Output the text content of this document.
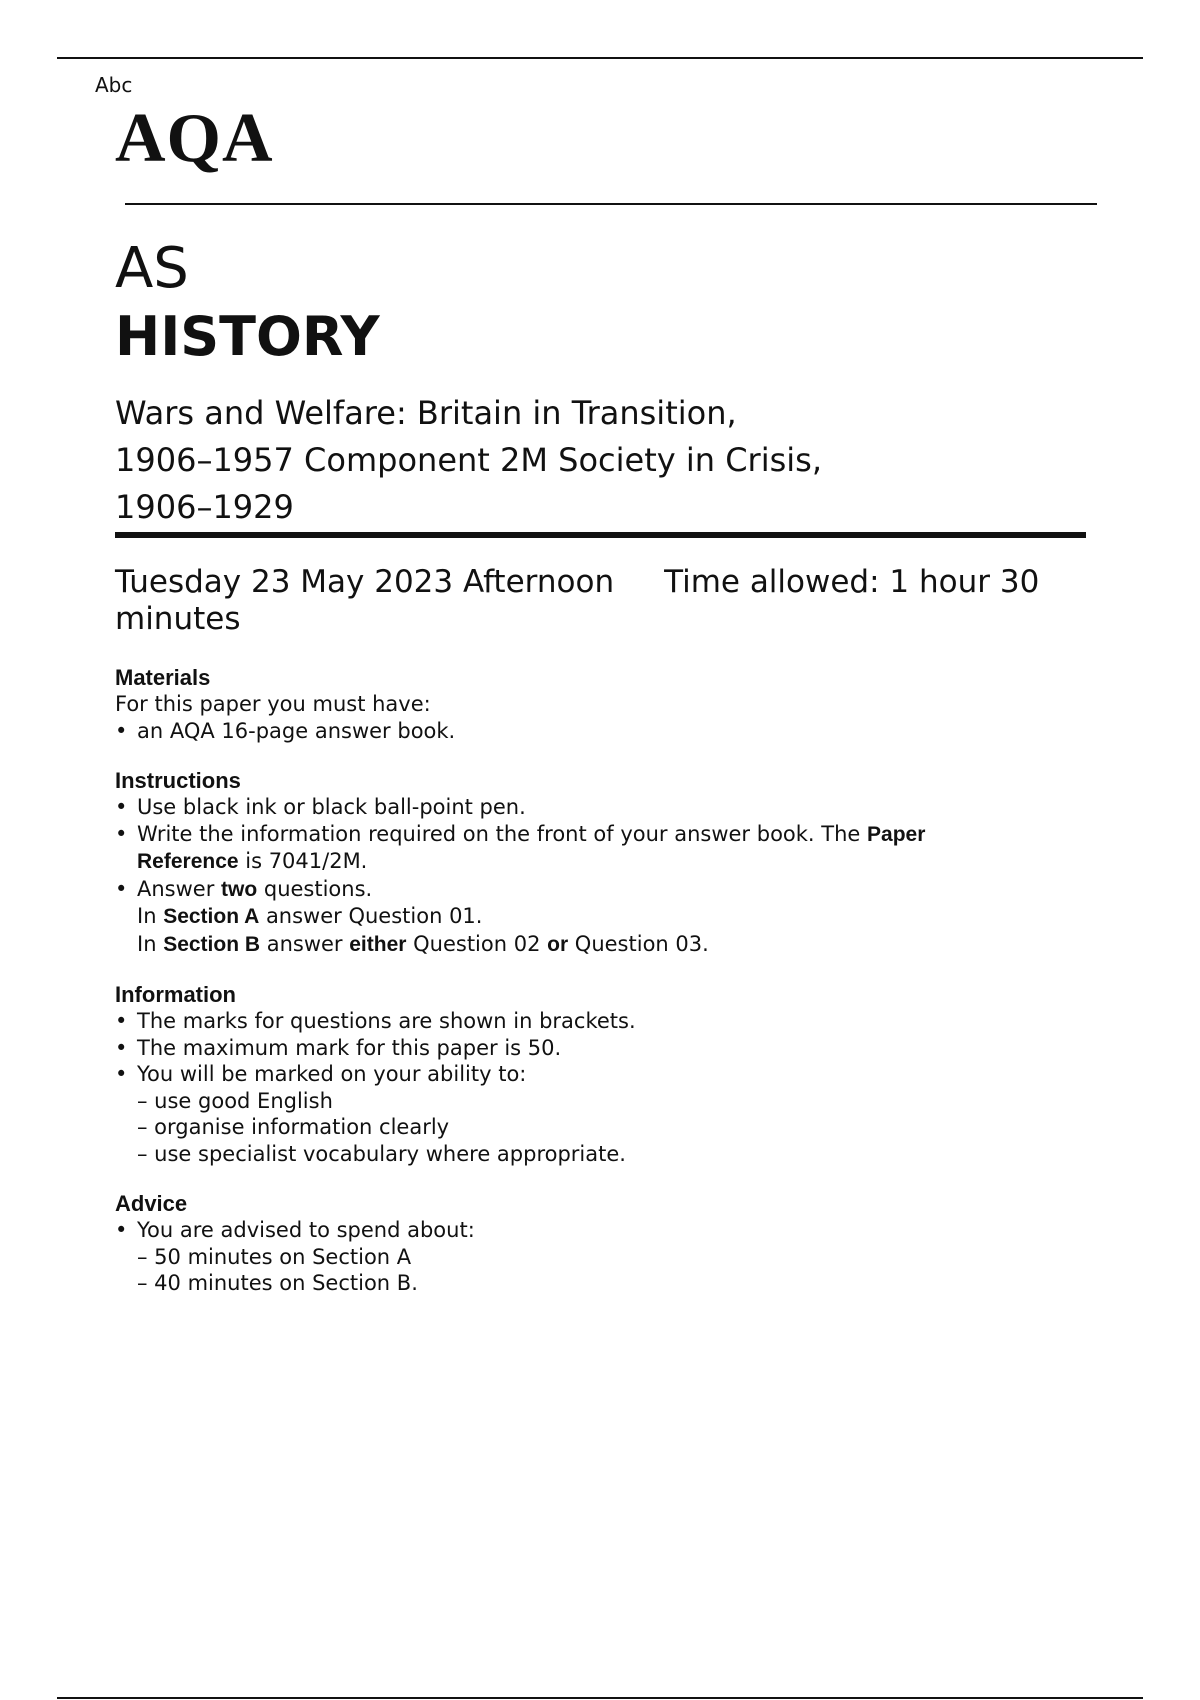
Abc
AQA
AS
HISTORY
Wars and Welfare: Britain in Transition,
1906–1957 Component 2M Society in Crisis,
1906–1929
Tuesday 23 May 2023 Afternoon Time allowed: 1 hour 30 minutes
Materials
For this paper you must have:
• an AQA 16-page answer book.
Instructions
• Use black ink or black ball-point pen.
• Write the information required on the front of your answer book. The Paper
Reference is 7041/2M.
• Answer two questions.
In Section A answer Question 01.
In Section B answer either Question 02 or Question 03.
Information
• The marks for questions are shown in brackets.
• The maximum mark for this paper is 50.
• You will be marked on your ability to:
– use good English
– organise information clearly
– use specialist vocabulary where appropriate.
Advice
• You are advised to spend about:
– 50 minutes on Section A
– 40 minutes on Section B.
